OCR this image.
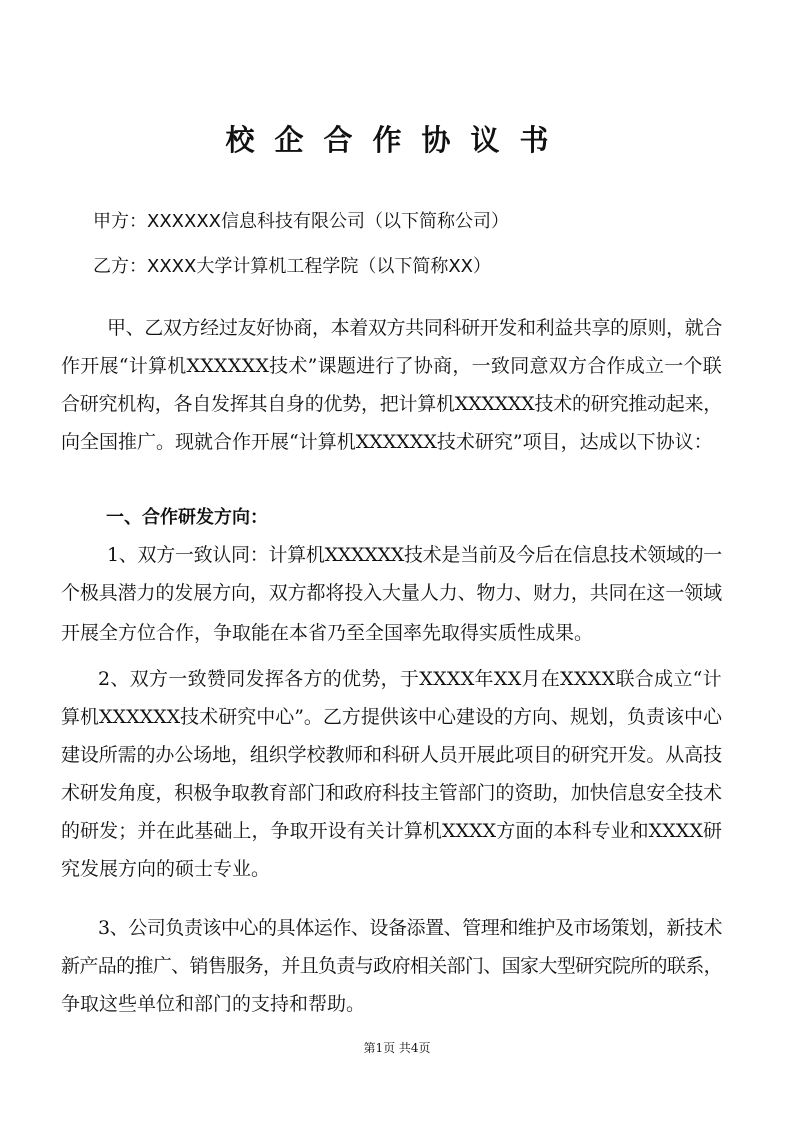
校企合作协议书
甲方：XXXXXX信息科技有限公司（以下简称公司）
乙方：XXXX大学计算机工程学院（以下简称XX）
一、合作研发方向：
甲、乙双方经过友好协商，本着双方共同科研开发和利益共享的原则，就合
作开展“计算机XXXXXX技术”课题进行了协商，一致同意双方合作成立一个联
合研究机构，各自发挥其自身的优势，把计算机XXXXXX技术的研究推动起来，
向全国推广。现就合作开展“计算机XXXXXX技术研究”项目，达成以下协议：
1、双方一致认同：计算机XXXXXX技术是当前及今后在信息技术领域的一
个极具潜力的发展方向，双方都将投入大量人力、物力、财力，共同在这一领域
开展全方位合作，争取能在本省乃至全国率先取得实质性成果。
2、双方一致赞同发挥各方的优势，于XXXX年XX月在XXXX联合成立“计
算机XXXXXX技术研究中心”。乙方提供该中心建设的方向、规划，负责该中心
建设所需的办公场地，组织学校教师和科研人员开展此项目的研究开发。从高技
术研发角度，积极争取教育部门和政府科技主管部门的资助，加快信息安全技术
的研发；并在此基础上，争取开设有关计算机XXXX方面的本科专业和XXXX研
究发展方向的硕士专业。
3、公司负责该中心的具体运作、设备添置、管理和维护及市场策划，新技术
新产品的推广、销售服务，并且负责与政府相关部门、国家大型研究院所的联系，
争取这些单位和部门的支持和帮助。
第1页 共4页
